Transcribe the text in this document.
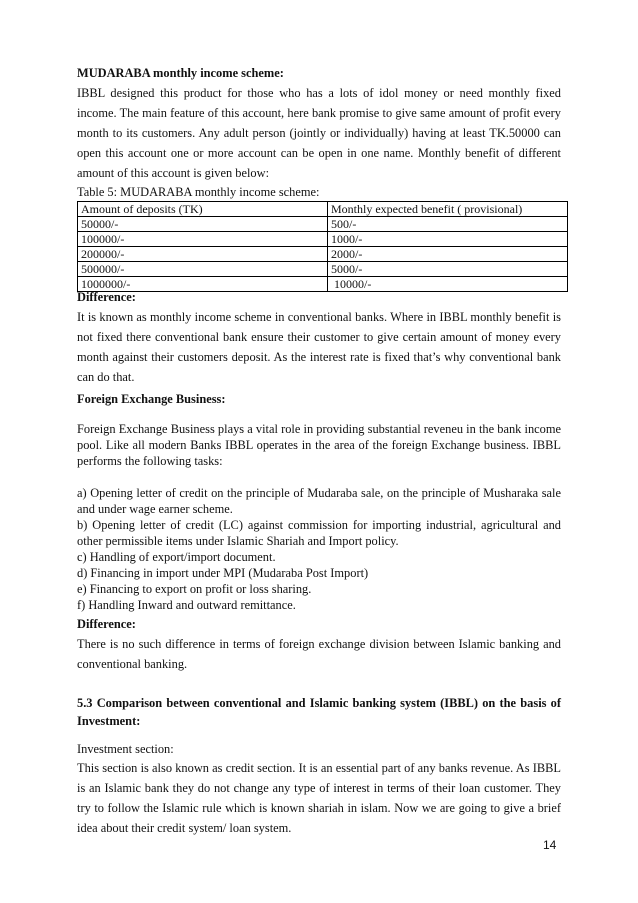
MUDARABA monthly income scheme:

IBBL designed this product for those who has a lots of idol money or need monthly fixed income. The main feature of this account, here bank promise to give same amount of profit every month to its customers. Any adult person (jointly or individually) having at least TK.50000 can open this account one or more account can be open in one name. Monthly benefit of different amount of this account is given below:

Table 5: MUDARABA monthly income scheme:

Amount of deposits (TK)	Monthly expected benefit ( provisional)
50000/-	500/-
100000/-	1000/-
200000/-	2000/-
500000/-	5000/-
1000000/-	10000/-

Difference:

It is known as monthly income scheme in conventional banks. Where in IBBL monthly benefit is not fixed there conventional bank ensure their customer to give certain amount of money every month against their customers deposit. As the interest rate is fixed that’s why conventional bank can do that.

Foreign Exchange Business:

Foreign Exchange Business plays a vital role in providing substantial reveneu in the bank income pool. Like all modern Banks IBBL operates in the area of the foreign Exchange business. IBBL performs the following tasks:

a) Opening letter of credit on the principle of Mudaraba sale, on the principle of Musharaka sale and under wage earner scheme.

b) Opening letter of credit (LC) against commission for importing industrial, agricultural and other permissible items under Islamic Shariah and Import policy.

c) Handling of export/import document.

d) Financing in import under MPI (Mudaraba Post Import)

e) Financing to export on profit or loss sharing.

f) Handling Inward and outward remittance.

Difference:

There is no such difference in terms of foreign exchange division between Islamic banking and conventional banking.

5.3 Comparison between conventional and Islamic banking system (IBBL) on the basis of Investment:

Investment section:

This section is also known as credit section. It is an essential part of any banks revenue. As IBBL is an Islamic bank they do not change any type of interest in terms of their loan customer. They try to follow the Islamic rule which is known shariah in islam. Now we are going to give a brief idea about their credit system/ loan system.

14
